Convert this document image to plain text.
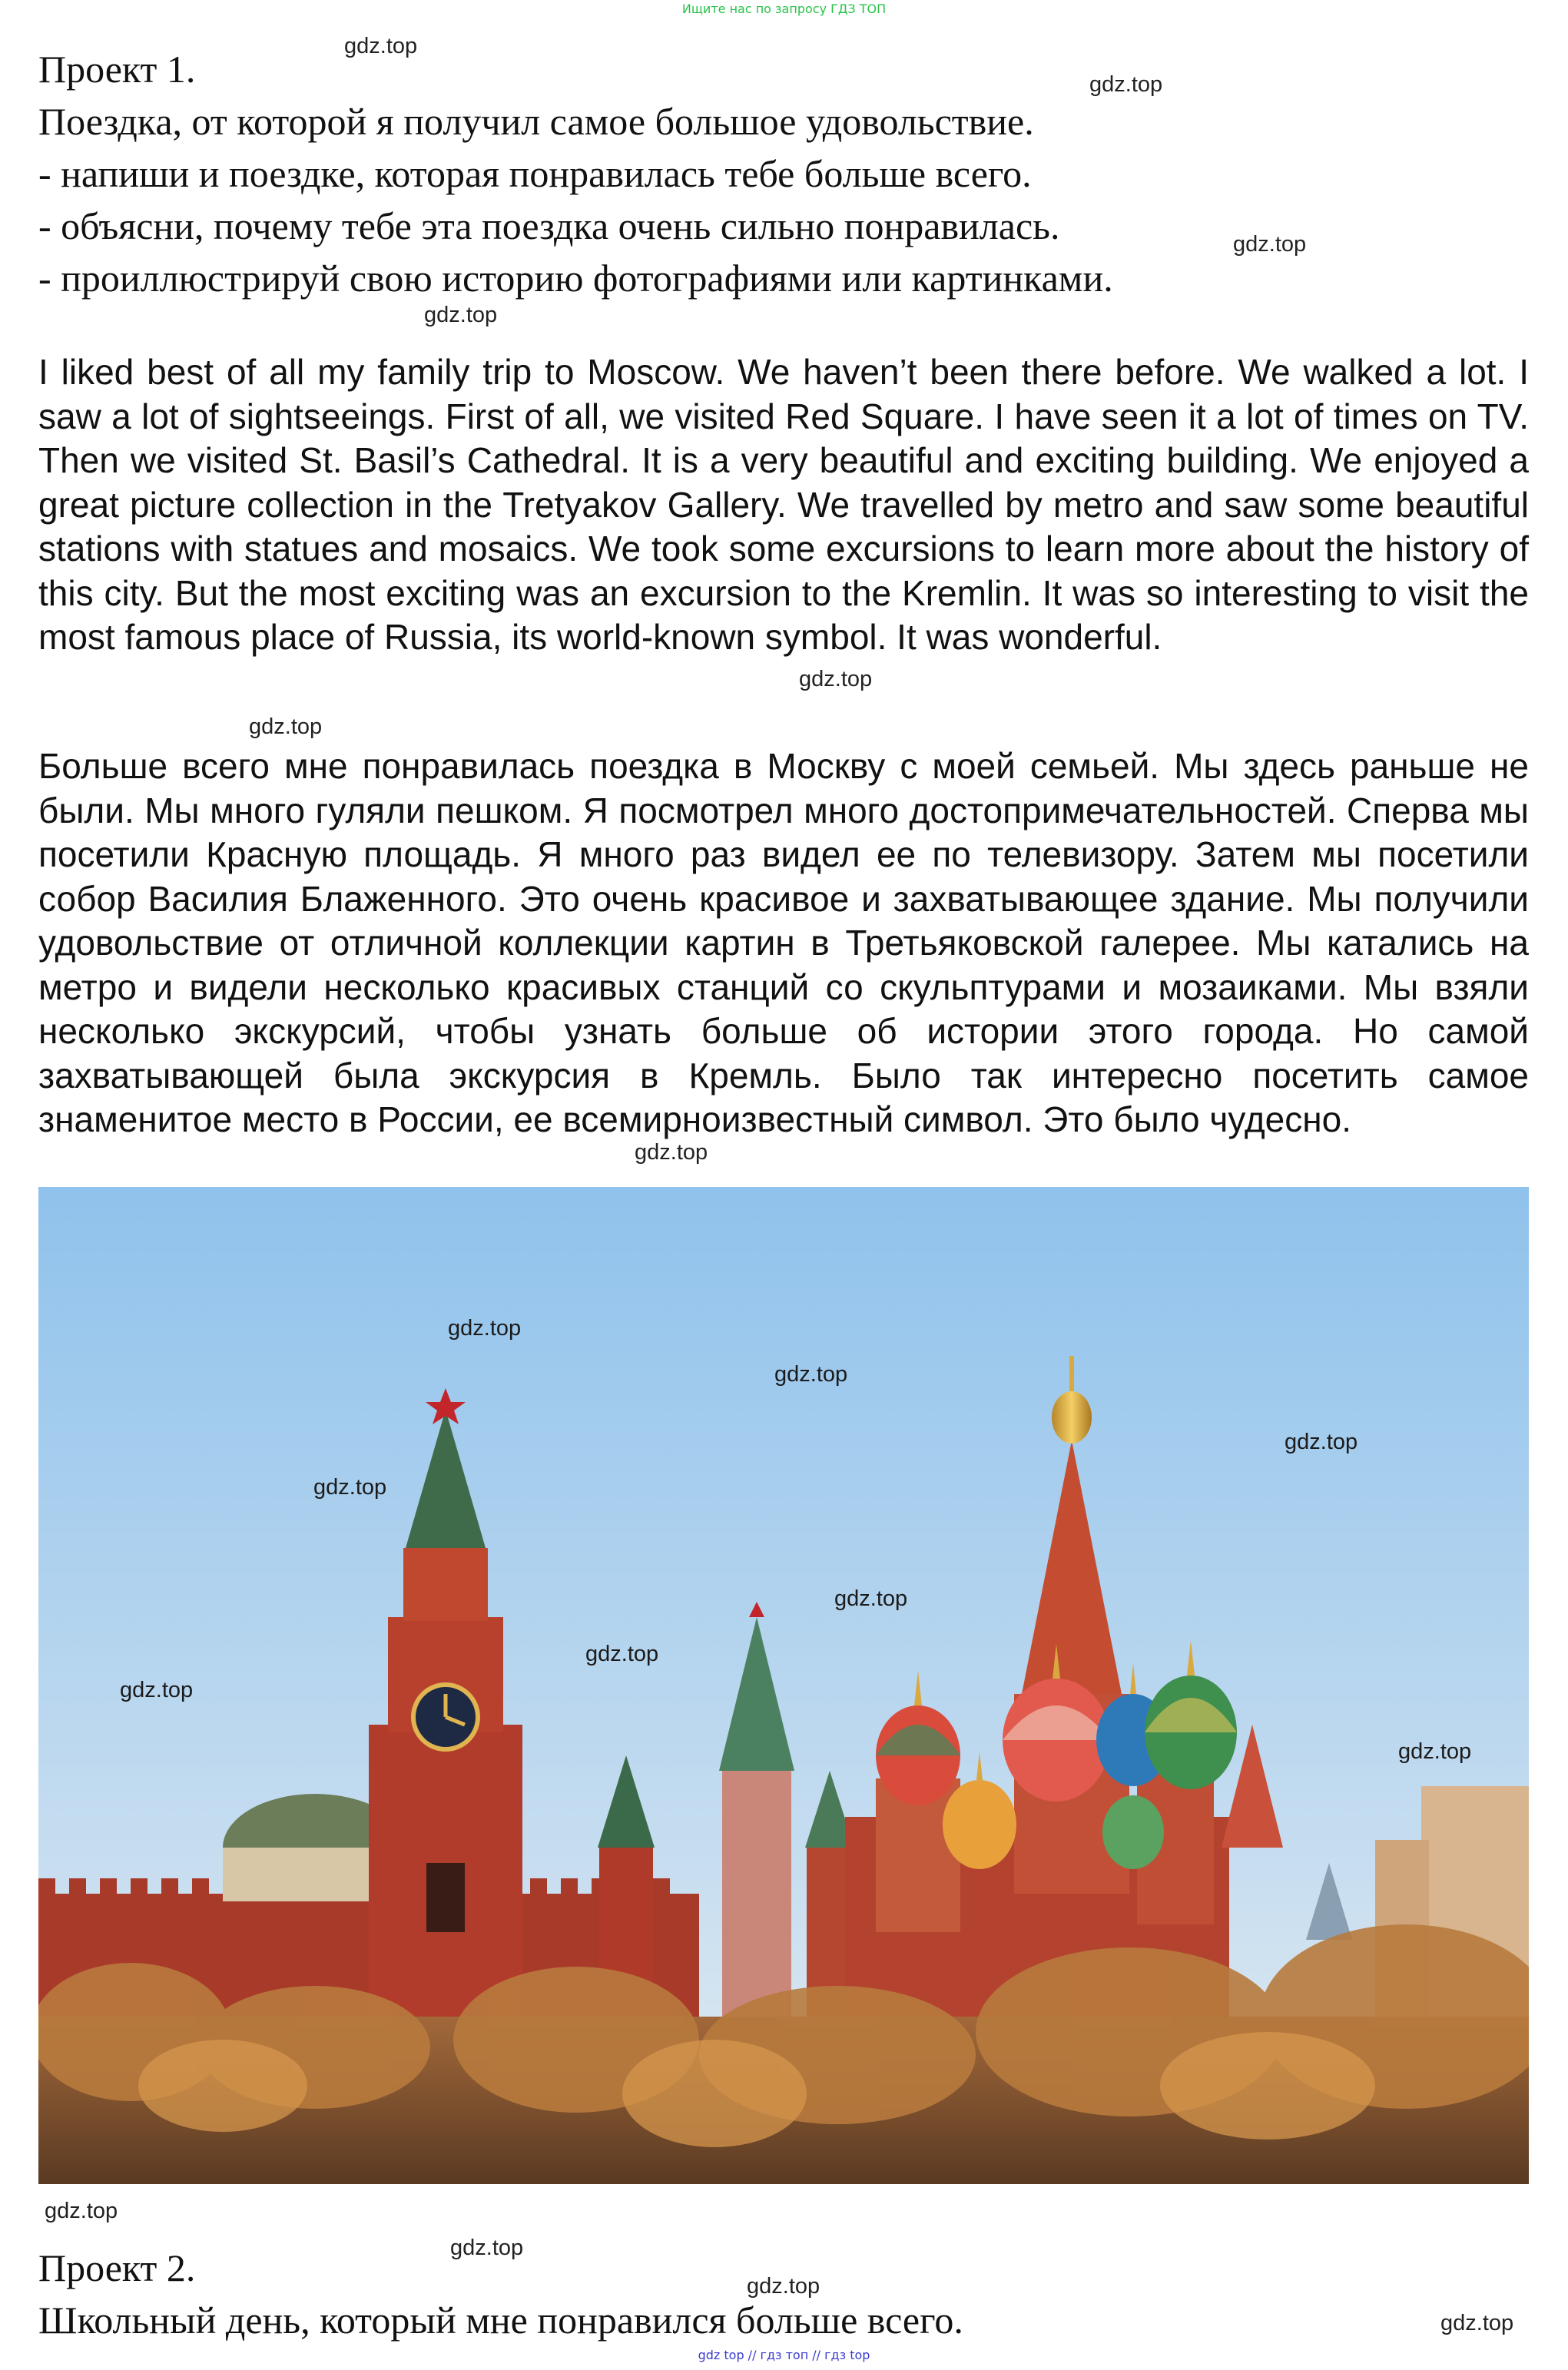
Ищите нас по запросу ГДЗ ТОП
Проект 1.
Поездка, от которой я получил самое большое удовольствие.
- напиши и поездке, которая понравилась тебе больше всего.
- объясни, почему тебе эта поездка очень сильно понравилась.
- проиллюстрируй свою историю фотографиями или картинками.
I liked best of all my family trip to Moscow. We haven’t been there before. We walked a lot. I saw a lot of sightseeings. First of all, we visited Red Square. I have seen it a lot of times on TV. Then we visited St. Basil’s Cathedral. It is a very beautiful and exciting building. We enjoyed a great picture collection in the Tretyakov Gallery. We travelled by metro and saw some beautiful stations with statues and mosaics. We took some excursions to learn more about the history of this city. But the most exciting was an excursion to the Kremlin. It was so interesting to visit the most famous place of Russia, its world-known symbol. It was wonderful.
Больше всего мне понравилась поездка в Москву с моей семьей. Мы здесь раньше не были. Мы много гуляли пешком. Я посмотрел много достопримечательностей. Сперва мы посетили Красную площадь. Я много раз видел ее по телевизору. Затем мы посетили собор Василия Блаженного. Это очень красивое и захватывающее здание. Мы получили удовольствие от отличной коллекции картин в Третьяковской галерее. Мы катались на метро и видели несколько красивых станций со скульптурами и мозаиками. Мы взяли несколько экскурсий, чтобы узнать больше об истории этого города. Но самой захватывающей была экскурсия в Кремль. Было так интересно посетить самое знаменитое место в России, ее всемирноизвестный символ. Это было чудесно.
Проект 2.
Школьный день, который мне понравился больше всего.
gdz.top
gdz.top
gdz.top
gdz.top
gdz.top
gdz.top
gdz.top
gdz.top
gdz.top
gdz.top
gdz.top
gdz.top
gdz.top
gdz.top
gdz.top
gdz.top
gdz.top
gdz.top
gdz.top
gdz top // гдз топ // гдз top
